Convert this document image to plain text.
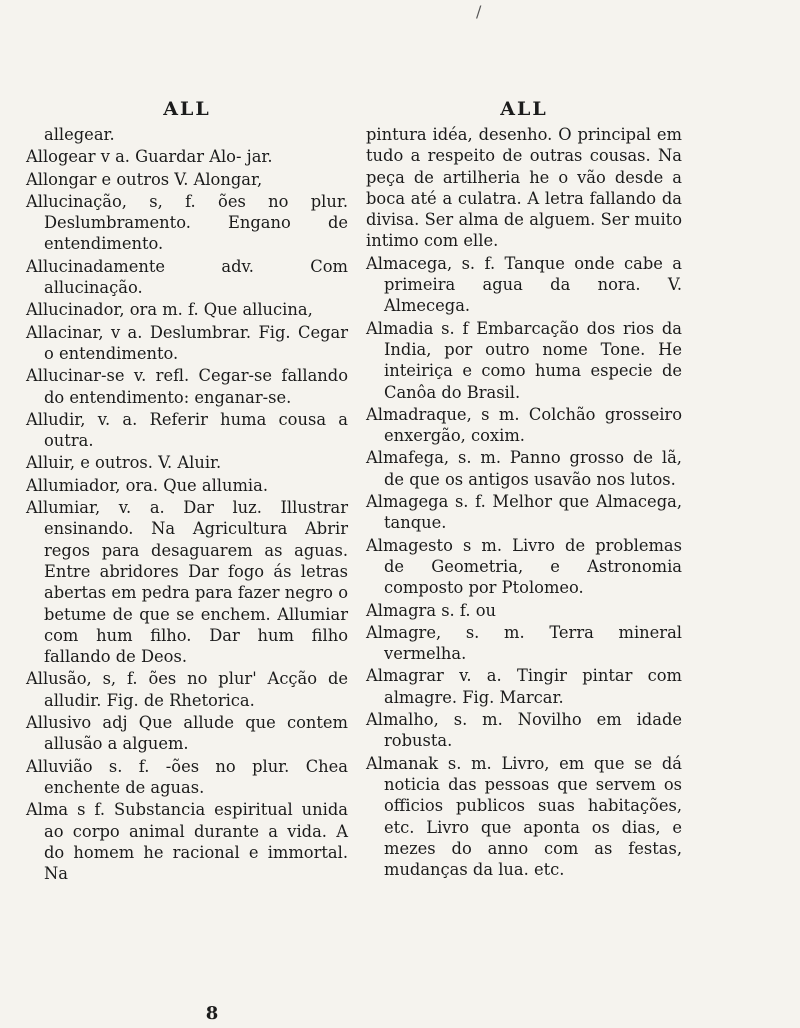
/
ALL

allegear.

Allogear v a. Guardar Alo- jar.

Allongar e outros V. Alongar,

Allucinação, s, f. ões no plur. Deslumbramento. Engano de entendimento.

Allucinadamente adv. Com allucinação.

Allucinador, ora m. f. Que allucina,

Allacinar, v a. Deslumbrar. Fig. Cegar o entendimento.

Allucinar-se v. refl. Cegar-se fallando do entendimento: enganar-se.

Alludir, v. a. Referir huma cousa a outra.

Alluir, e outros. V. Aluir.

Allumiador, ora. Que allumia.

Allumiar, v. a. Dar luz. Illustrar ensinando. Na Agricultura Abrir regos para desaguarem as aguas. Entre abridores Dar fogo ás letras abertas em pedra para fazer negro o betume de que se enchem. Allumiar com hum filho. Dar hum filho fallando de Deos.

Allusão, s, f. ões no plur' Acção de alludir. Fig. de Rhetorica.

Allusivo adj Que allude que contem allusão a alguem.

Alluvião s. f. -ões no plur. Chea enchente de aguas.

Alma s f. Substancia espiritual unida ao corpo animal durante a vida. A do homem he racional e immortal. Na

ALL

pintura idéa, desenho. O principal em tudo a respeito de outras cousas. Na peça de artilheria he o vão desde a boca até a culatra. A letra fallando da divisa. Ser alma de alguem. Ser muito intimo com elle.

Almacega, s. f. Tanque onde cabe a primeira agua da nora. V. Almecega.

Almadia s. f Embarcação dos rios da India, por outro nome Tone. He inteiriça e como huma especie de Canôa do Brasil.

Almadraque, s m. Colchão grosseiro enxergão, coxim.

Almafega, s. m. Panno grosso de lã, de que os antigos usavão nos lutos.

Almagega s. f. Melhor que Almacega, tanque.

Almagesto s m. Livro de problemas de Geometria, e Astronomia composto por Ptolomeo.

Almagra s. f. ou

Almagre, s. m. Terra mineral vermelha.

Almagrar v. a. Tingir pintar com almagre. Fig. Marcar.

Almalho, s. m. Novilho em idade robusta.

Almanak s. m. Livro, em que se dá noticia das pessoas que servem os officios publicos suas habitações, etc. Livro que aponta os dias, e mezes do anno com as festas, mudanças da lua. etc.

8
